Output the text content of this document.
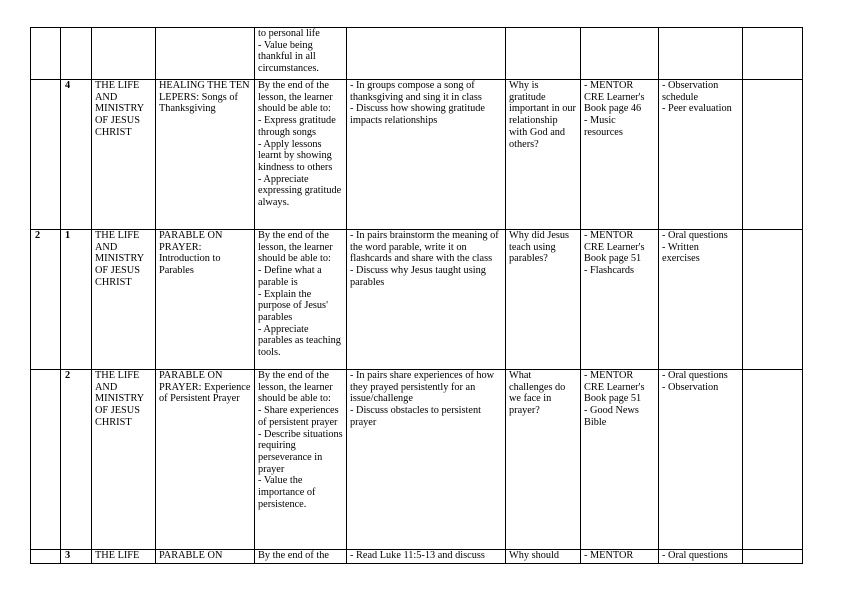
				to personal life
- Value being
thankful in all
circumstances.					

	4	THE LIFE AND MINISTRY OF JESUS CHRIST	HEALING THE TEN LEPERS: Songs of Thanksgiving	By the end of the lesson, the learner should be able to:
- Express gratitude through songs
- Apply lessons learnt by showing kindness to others
- Appreciate expressing gratitude always.	- In groups compose a song of thanksgiving and sing it in class
- Discuss how showing gratitude impacts relationships	Why is gratitude important in our relationship with God and others?	- MENTOR CRE Learner's Book page 46
- Music resources	- Observation schedule
- Peer evaluation	

2	1	THE LIFE AND MINISTRY OF JESUS CHRIST	PARABLE ON PRAYER: Introduction to Parables	By the end of the lesson, the learner should be able to:
- Define what a parable is
- Explain the purpose of Jesus' parables
- Appreciate parables as teaching tools.	- In pairs brainstorm the meaning of the word parable, write it on flashcards and share with the class
- Discuss why Jesus taught using parables	Why did Jesus teach using parables?	- MENTOR CRE Learner's Book page 51
- Flashcards	- Oral questions
- Written exercises	

	2	THE LIFE AND MINISTRY OF JESUS CHRIST	PARABLE ON PRAYER: Experience of Persistent Prayer	By the end of the lesson, the learner should be able to:
- Share experiences of persistent prayer
- Describe situations requiring perseverance in prayer
- Value the importance of persistence.	- In pairs share experiences of how they prayed persistently for an issue/challenge
- Discuss obstacles to persistent prayer	What challenges do we face in prayer?	- MENTOR CRE Learner's Book page 51
- Good News Bible	- Oral questions
- Observation	

	3	THE LIFE	PARABLE ON	By the end of the	- Read Luke 11:5-13 and discuss	Why should	- MENTOR	- Oral questions	
